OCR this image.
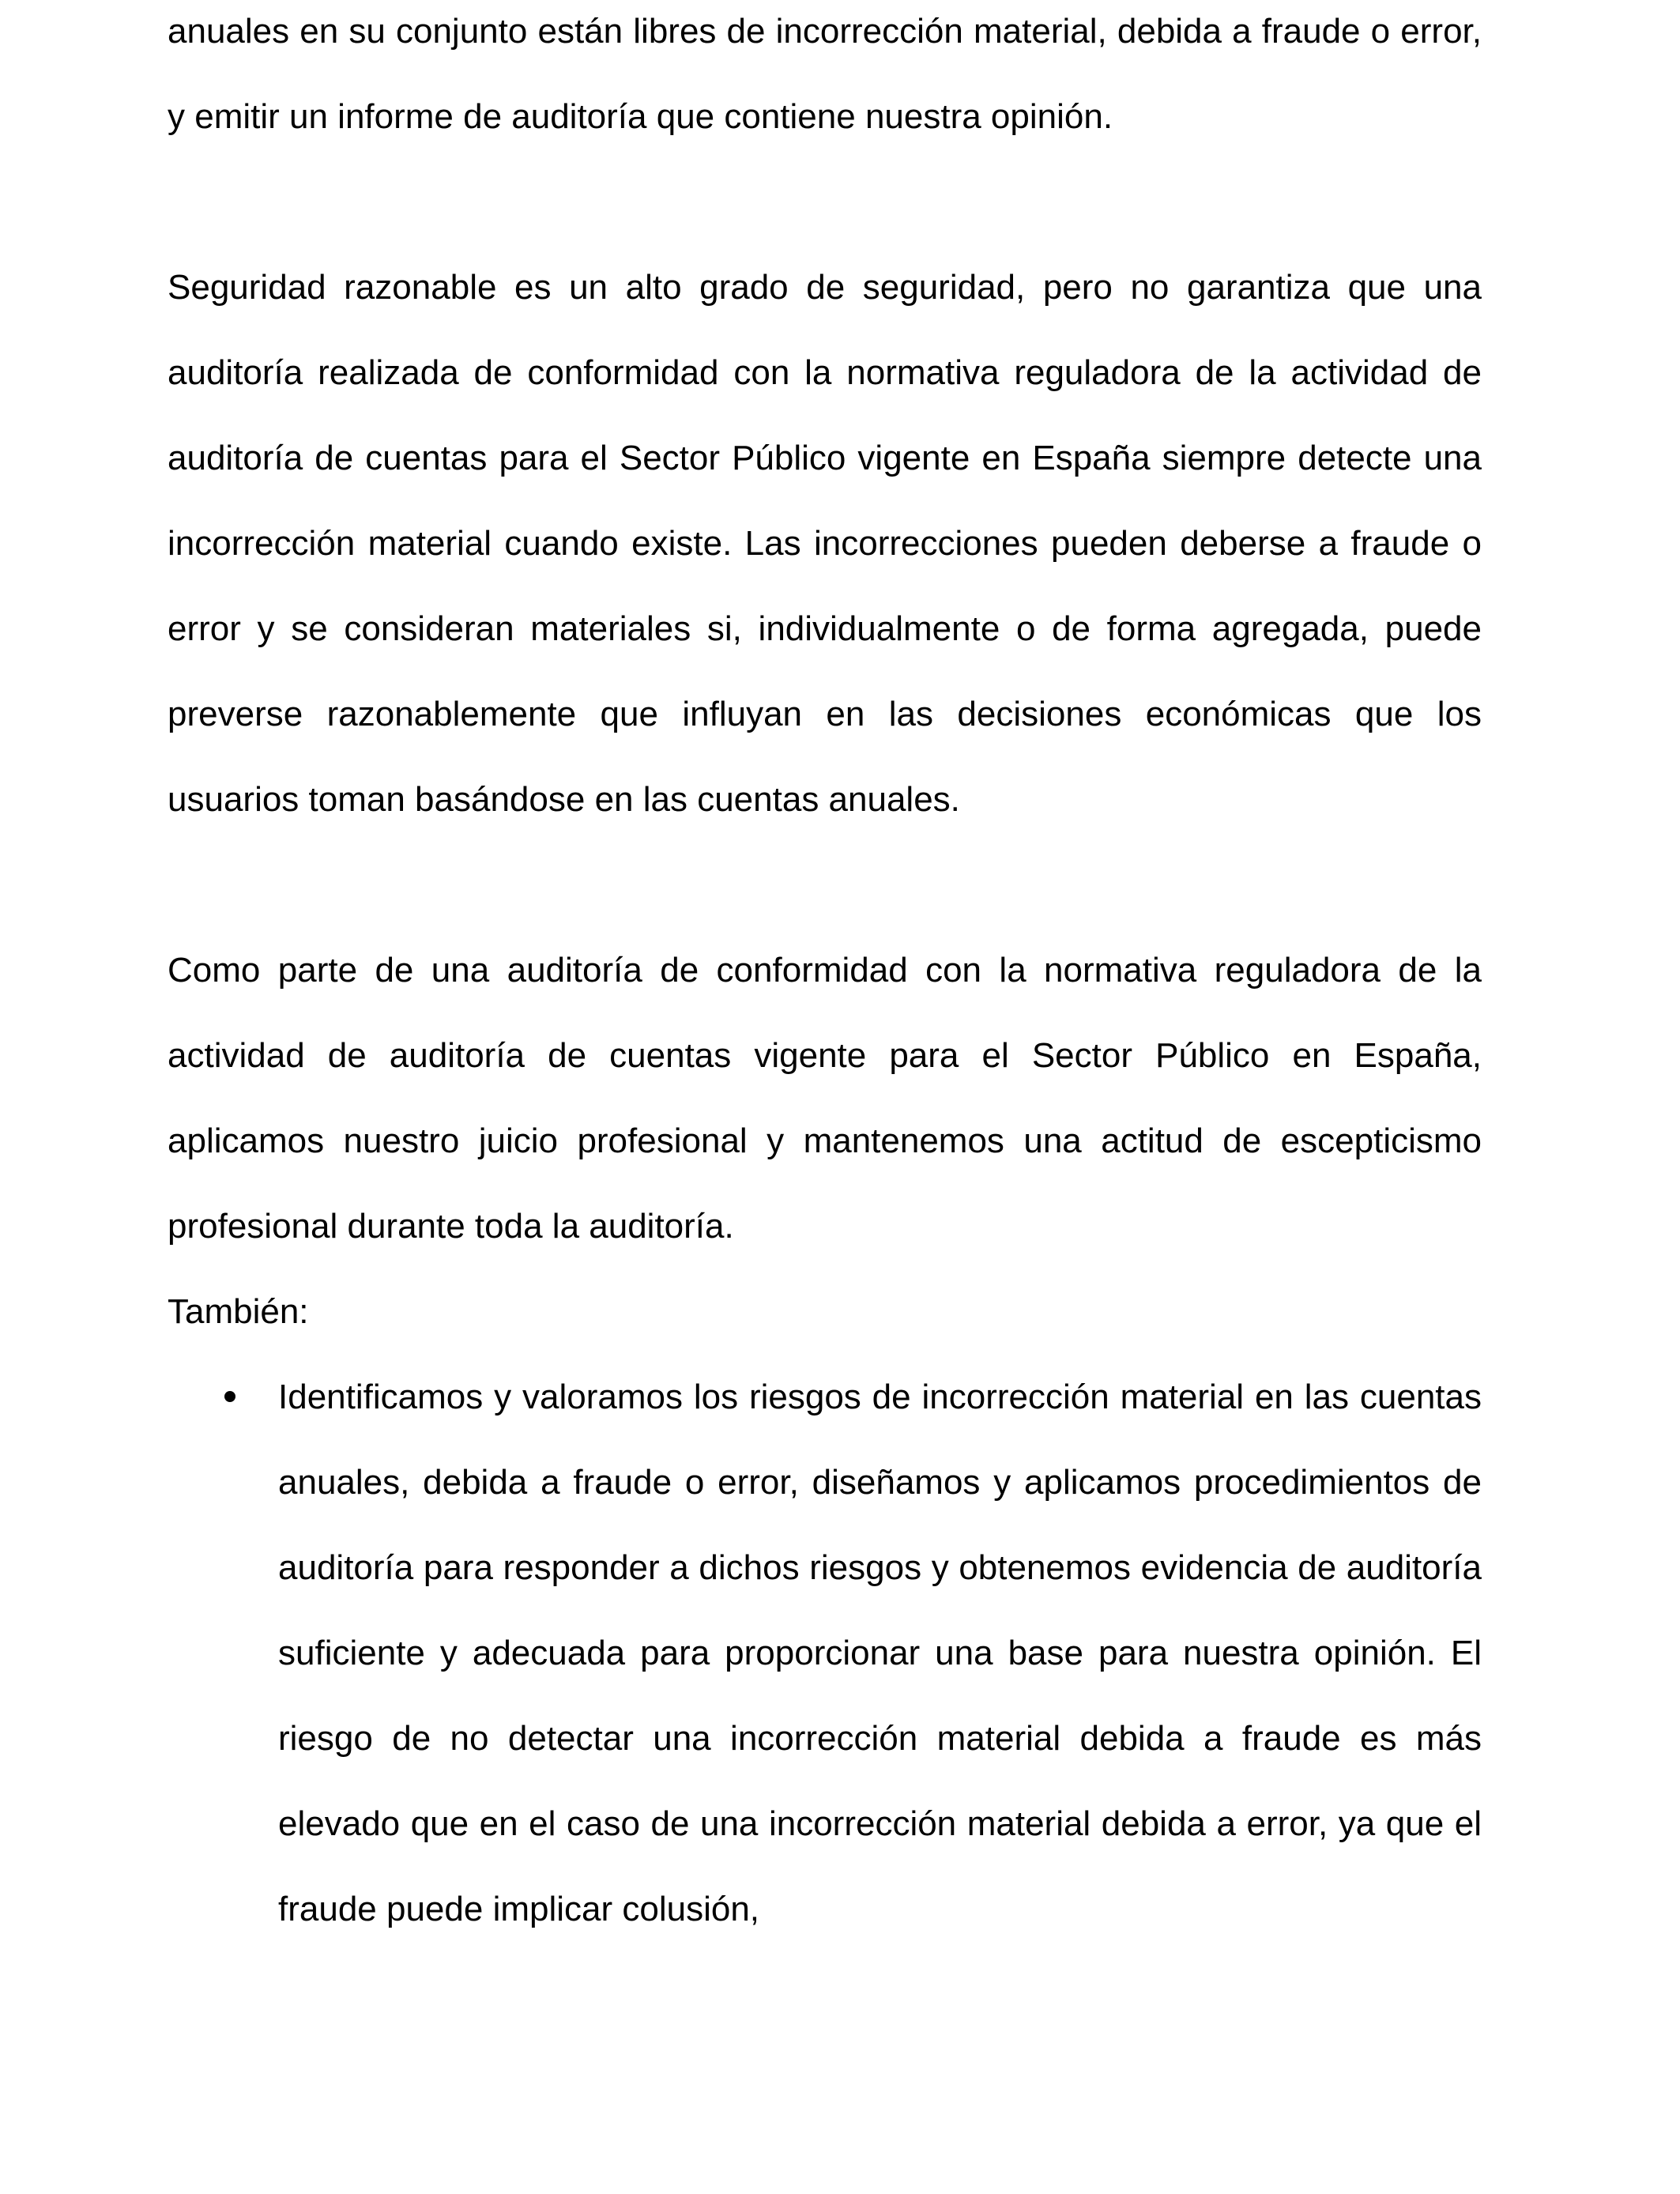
anuales en su conjunto están libres de incorrección material, debida a fraude o error, y emitir un informe de auditoría que contiene nuestra opinión.

Seguridad razonable es un alto grado de seguridad, pero no garantiza que una auditoría realizada de conformidad con la normativa reguladora de la actividad de auditoría de cuentas para el Sector Público vigente en España siempre detecte una incorrección material cuando existe. Las incorrecciones pueden deberse a fraude o error y se consideran materiales si, individualmente o de forma agregada, puede preverse razonablemente que influyan en las decisiones económicas que los usuarios toman basándose en las cuentas anuales.

Como parte de una auditoría de conformidad con la normativa reguladora de la actividad de auditoría de cuentas vigente para el Sector Público en España, aplicamos nuestro juicio profesional y mantenemos una actitud de escepticismo profesional durante toda la auditoría.

También:

Identificamos y valoramos los riesgos de incorrección material en las cuentas anuales, debida a fraude o error, diseñamos y aplicamos procedimientos de auditoría para responder a dichos riesgos y obtenemos evidencia de auditoría suficiente y adecuada para proporcionar una base para nuestra opinión. El riesgo de no detectar una incorrección material debida a fraude es más elevado que en el caso de una incorrección material debida a error, ya que el fraude puede implicar colusión,
